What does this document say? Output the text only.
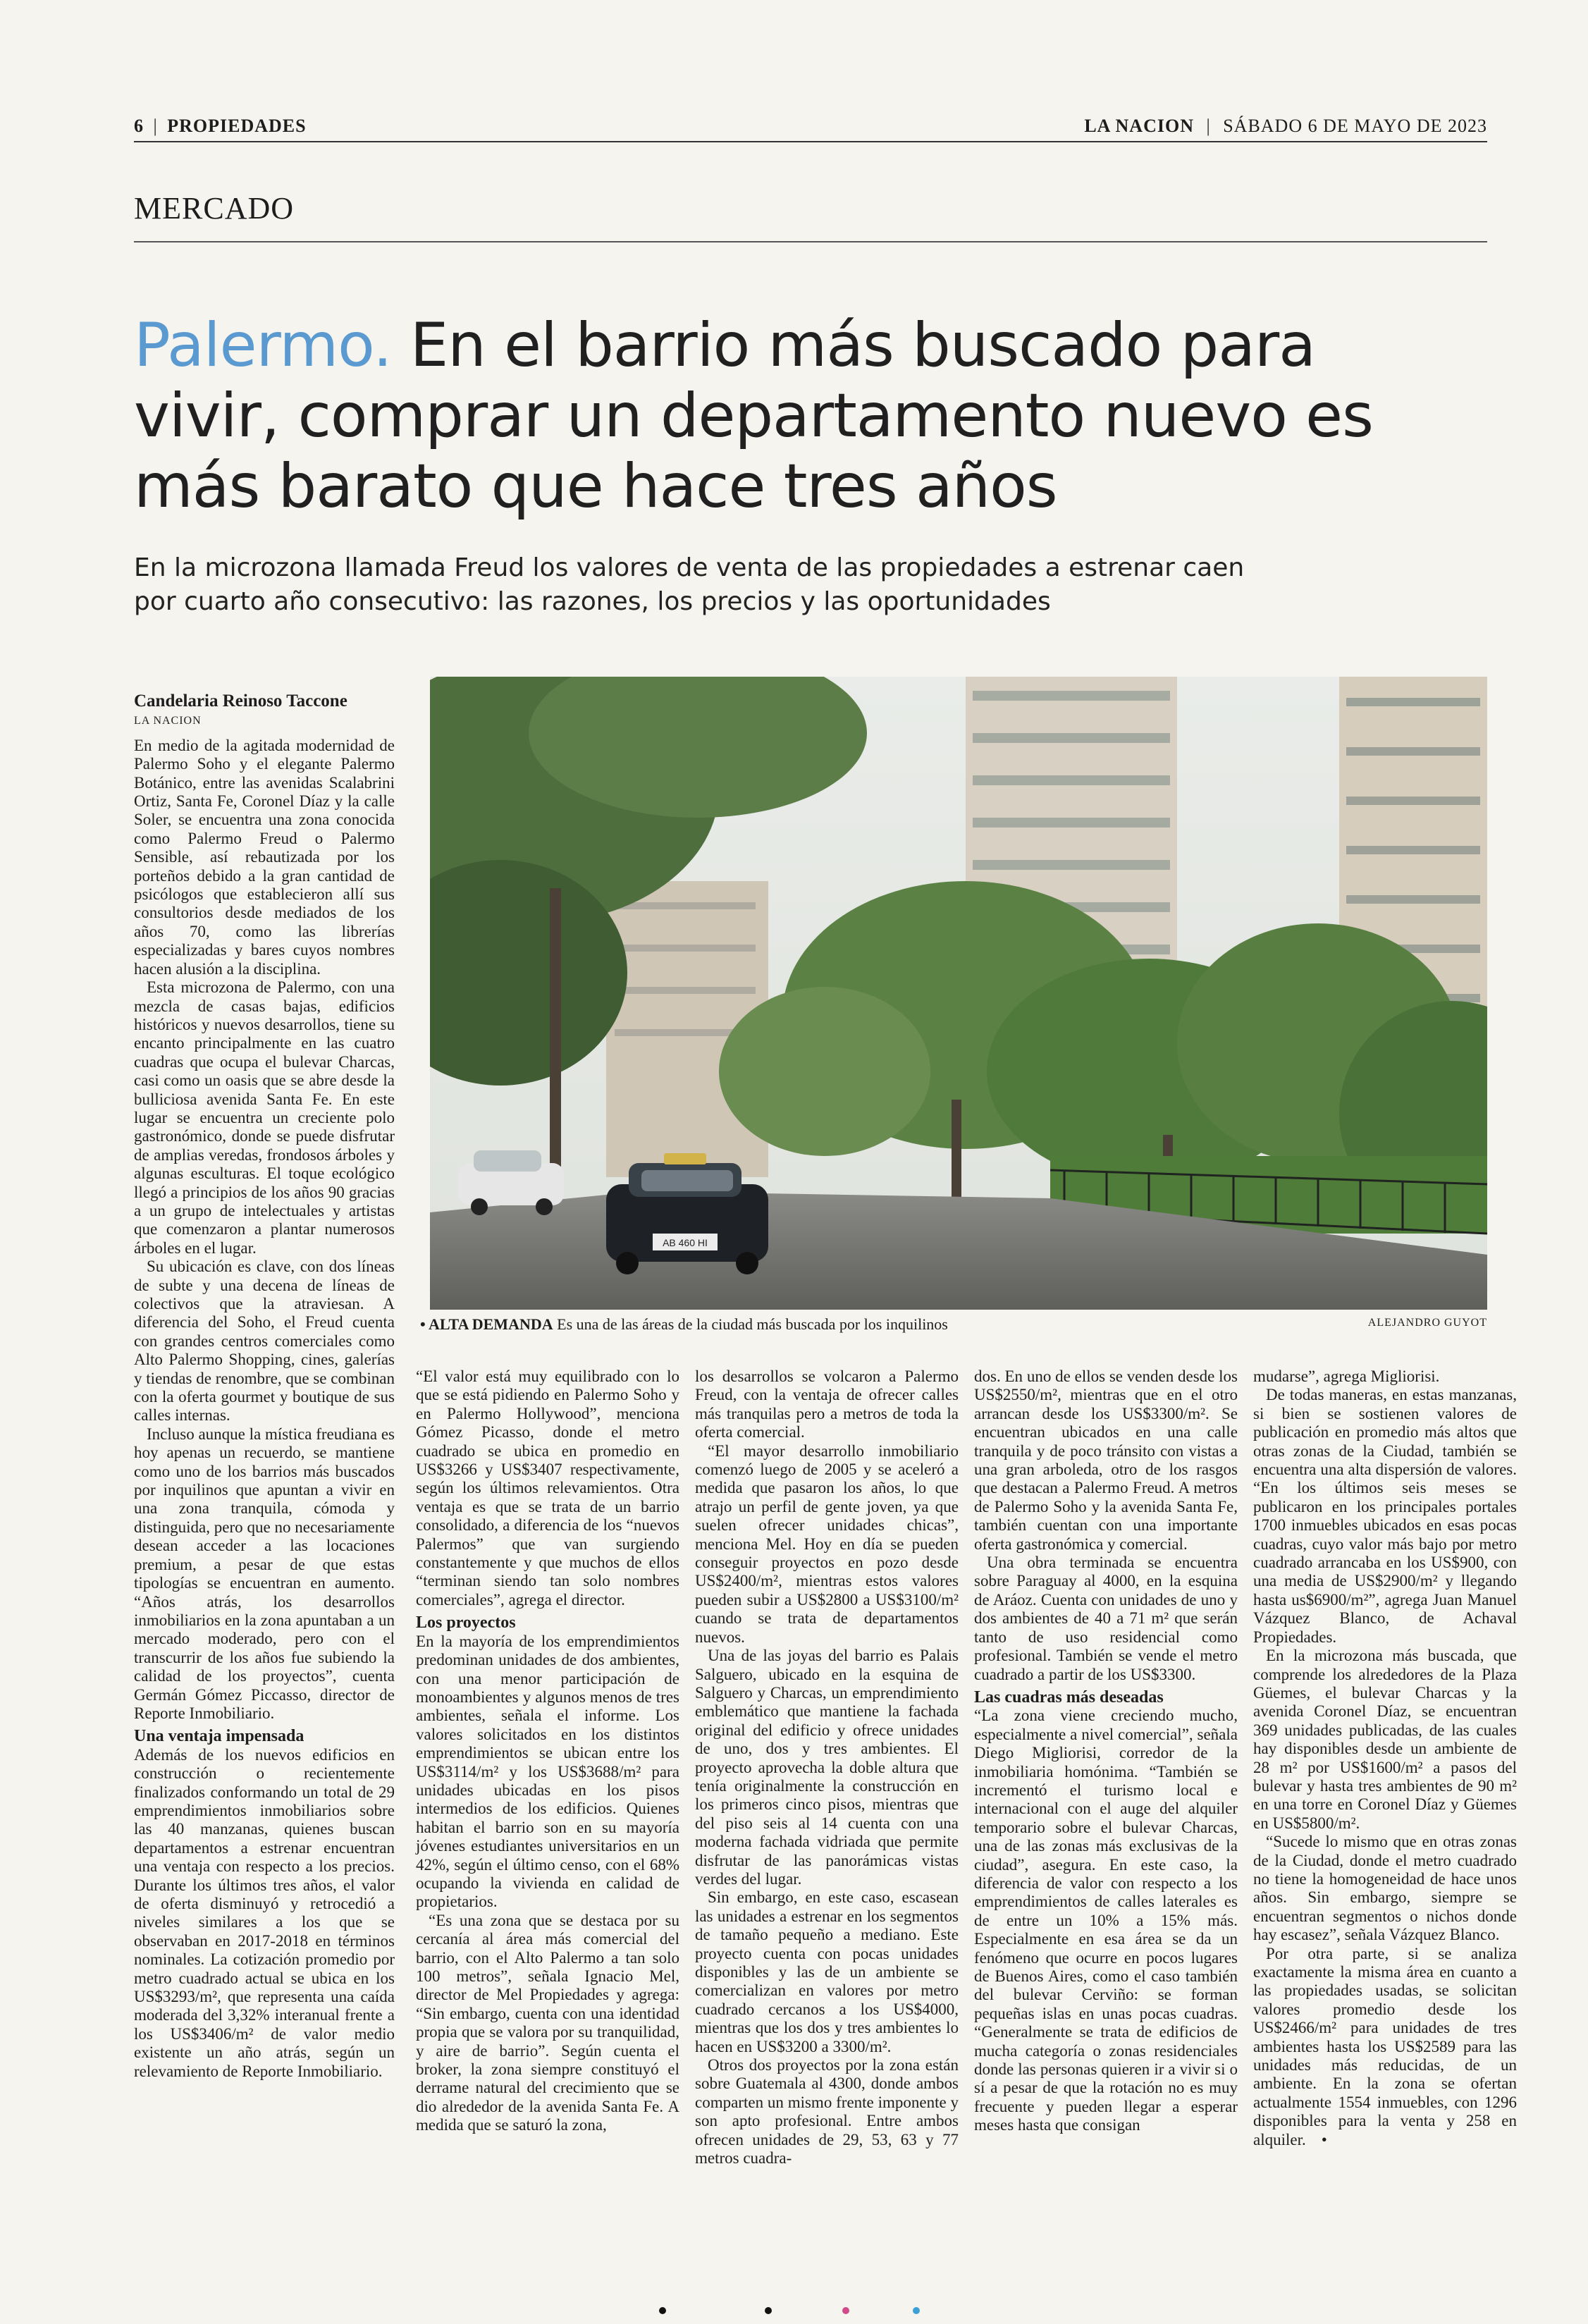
6 | PROPIEDADES	LA NACION | SÁBADO 6 DE MAYO DE 2023
MERCADO
Palermo. En el barrio más buscado para vivir, comprar un departamento nuevo es más barato que hace tres años
En la microzona llamada Freud los valores de venta de las propiedades a estrenar caen por cuarto año consecutivo: las razones, los precios y las oportunidades
Candelaria Reinoso Taccone
LA NACION

En medio de la agitada modernidad de Palermo Soho y el elegante Palermo Botánico, entre las avenidas Scalabrini Ortiz, Santa Fe, Coronel Díaz y la calle Soler, se encuentra una zona conocida como Palermo Freud o Palermo Sensible, así rebautizada por los porteños debido a la gran cantidad de psicólogos que establecieron allí sus consultorios desde mediados de los años 70, como las librerías especializadas y bares cuyos nombres hacen alusión a la disciplina.

Esta microzona de Palermo, con una mezcla de casas bajas, edificios históricos y nuevos desarrollos, tiene su encanto principalmente en las cuatro cuadras que ocupa el bulevar Charcas, casi como un oasis que se abre desde la bulliciosa avenida Santa Fe. En este lugar se encuentra un creciente polo gastronómico, donde se puede disfrutar de amplias veredas, frondosos árboles y algunas esculturas. El toque ecológico llegó a principios de los años 90 gracias a un grupo de intelectuales y artistas que comenzaron a plantar numerosos árboles en el lugar.

Su ubicación es clave, con dos líneas de subte y una decena de líneas de colectivos que la atraviesan. A diferencia del Soho, el Freud cuenta con grandes centros comerciales como Alto Palermo Shopping, cines, galerías y tiendas de renombre, que se combinan con la oferta gourmet y boutique de sus calles internas.

Incluso aunque la mística freudiana es hoy apenas un recuerdo, se mantiene como uno de los barrios más buscados por inquilinos que apuntan a vivir en una zona tranquila, cómoda y distinguida, pero que no necesariamente desean acceder a las locaciones premium, a pesar de que estas tipologías se encuentran en aumento. “Años atrás, los desarrollos inmobiliarios en la zona apuntaban a un mercado moderado, pero con el transcurrir de los años fue subiendo la calidad de los proyectos”, cuenta Germán Gómez Piccasso, director de Reporte Inmobiliario.

Una ventaja impensada

Además de los nuevos edificios en construcción o recientemente finalizados conformando un total de 29 emprendimientos inmobiliarios sobre las 40 manzanas, quienes buscan departamentos a estrenar encuentran una ventaja con respecto a los precios. Durante los últimos tres años, el valor de oferta disminuyó y retrocedió a niveles similares a los que se observaban en 2017-2018 en términos nominales. La cotización promedio por metro cuadrado actual se ubica en los US$3293/m², que representa una caída moderada del 3,32% interanual frente a los US$3406/m² de valor medio existente un año atrás, según un relevamiento de Reporte Inmobiliario.

AB 460 HI
• ALTA DEMANDA Es una de las áreas de la ciudad más buscada por los inquilinos	ALEJANDRO GUYOT

“El valor está muy equilibrado con lo que se está pidiendo en Palermo Soho y en Palermo Hollywood”, menciona Gómez Picasso, donde el metro cuadrado se ubica en promedio en US$3266 y US$3407 respectivamente, según los últimos relevamientos. Otra ventaja es que se trata de un barrio consolidado, a diferencia de los “nuevos Palermos” que van surgiendo constantemente y que muchos de ellos “terminan siendo tan solo nombres comerciales”, agrega el director.

Los proyectos

En la mayoría de los emprendimientos predominan unidades de dos ambientes, con una menor participación de monoambientes y algunos menos de tres ambientes, señala el informe. Los valores solicitados en los distintos emprendimientos se ubican entre los US$3114/m² y los US$3688/m² para unidades ubicadas en los pisos intermedios de los edificios. Quienes habitan el barrio son en su mayoría jóvenes estudiantes universitarios en un 42%, según el último censo, con el 68% ocupando la vivienda en calidad de propietarios.

“Es una zona que se destaca por su cercanía al área más comercial del barrio, con el Alto Palermo a tan solo 100 metros”, señala Ignacio Mel, director de Mel Propiedades y agrega: “Sin embargo, cuenta con una identidad propia que se valora por su tranquilidad, y aire de barrio”. Según cuenta el broker, la zona siempre constituyó el derrame natural del crecimiento que se dio alrededor de la avenida Santa Fe. A medida que se saturó la zona,

los desarrollos se volcaron a Palermo Freud, con la ventaja de ofrecer calles más tranquilas pero a metros de toda la oferta comercial.

“El mayor desarrollo inmobiliario comenzó luego de 2005 y se aceleró a medida que pasaron los años, lo que atrajo un perfil de gente joven, ya que suelen ofrecer unidades chicas”, menciona Mel. Hoy en día se pueden conseguir proyectos en pozo desde US$2400/m², mientras estos valores pueden subir a US$2800 a US$3100/m² cuando se trata de departamentos nuevos.

Una de las joyas del barrio es Palais Salguero, ubicado en la esquina de Salguero y Charcas, un emprendimiento emblemático que mantiene la fachada original del edificio y ofrece unidades de uno, dos y tres ambientes. El proyecto aprovecha la doble altura que tenía originalmente la construcción en los primeros cinco pisos, mientras que del piso seis al 14 cuenta con una moderna fachada vidriada que permite disfrutar de las panorámicas vistas verdes del lugar.

Sin embargo, en este caso, escasean las unidades a estrenar en los segmentos de tamaño pequeño a mediano. Este proyecto cuenta con pocas unidades disponibles y las de un ambiente se comercializan en valores por metro cuadrado cercanos a los US$4000, mientras que los dos y tres ambientes lo hacen en US$3200 a 3300/m².

Otros dos proyectos por la zona están sobre Guatemala al 4300, donde ambos comparten un mismo frente imponente y son apto profesional. Entre ambos ofrecen unidades de 29, 53, 63 y 77 metros cuadra-

dos. En uno de ellos se venden desde los US$2550/m², mientras que en el otro arrancan desde los US$3300/m². Se encuentran ubicados en una calle tranquila y de poco tránsito con vistas a una gran arboleda, otro de los rasgos que destacan a Palermo Freud. A metros de Palermo Soho y la avenida Santa Fe, también cuentan con una importante oferta gastronómica y comercial.

Una obra terminada se encuentra sobre Paraguay al 4000, en la esquina de Aráoz. Cuenta con unidades de uno y dos ambientes de 40 a 71 m² que serán tanto de uso residencial como profesional. También se vende el metro cuadrado a partir de los US$3300.

Las cuadras más deseadas

“La zona viene creciendo mucho, especialmente a nivel comercial”, señala Diego Migliorisi, corredor de la inmobiliaria homónima. “También se incrementó el turismo local e internacional con el auge del alquiler temporario sobre el bulevar Charcas, una de las zonas más exclusivas de la ciudad”, asegura. En este caso, la diferencia de valor con respecto a los emprendimientos de calles laterales es de entre un 10% a 15% más. Especialmente en esa área se da un fenómeno que ocurre en pocos lugares de Buenos Aires, como el caso también del bulevar Cerviño: se forman pequeñas islas en unas pocas cuadras. “Generalmente se trata de edificios de mucha categoría o zonas residenciales donde las personas quieren ir a vivir si o sí a pesar de que la rotación no es muy frecuente y pueden llegar a esperar meses hasta que consigan

mudarse”, agrega Migliorisi.

De todas maneras, en estas manzanas, si bien se sostienen valores de publicación en promedio más altos que otras zonas de la Ciudad, también se encuentra una alta dispersión de valores. “En los últimos seis meses se publicaron en los principales portales 1700 inmuebles ubicados en esas pocas cuadras, cuyo valor más bajo por metro cuadrado arrancaba en los US$900, con una media de US$2900/m² y llegando hasta us$6900/m²”, agrega Juan Manuel Vázquez Blanco, de Achaval Propiedades.

En la microzona más buscada, que comprende los alrededores de la Plaza Güemes, el bulevar Charcas y la avenida Coronel Díaz, se encuentran 369 unidades publicadas, de las cuales hay disponibles desde un ambiente de 28 m² por US$1600/m² a pasos del bulevar y hasta tres ambientes de 90 m² en una torre en Coronel Díaz y Güemes en US$5800/m².

“Sucede lo mismo que en otras zonas de la Ciudad, donde el metro cuadrado no tiene la homogeneidad de hace unos años. Sin embargo, siempre se encuentran segmentos o nichos donde hay escasez”, señala Vázquez Blanco.

Por otra parte, si se analiza exactamente la misma área en cuanto a las propiedades usadas, se solicitan valores promedio desde los US$2466/m² para unidades de tres ambientes hasta los US$2589 para las unidades más reducidas, de un ambiente. En la zona se ofertan actualmente 1554 inmuebles, con 1296 disponibles para la venta y 258 en alquiler. •
